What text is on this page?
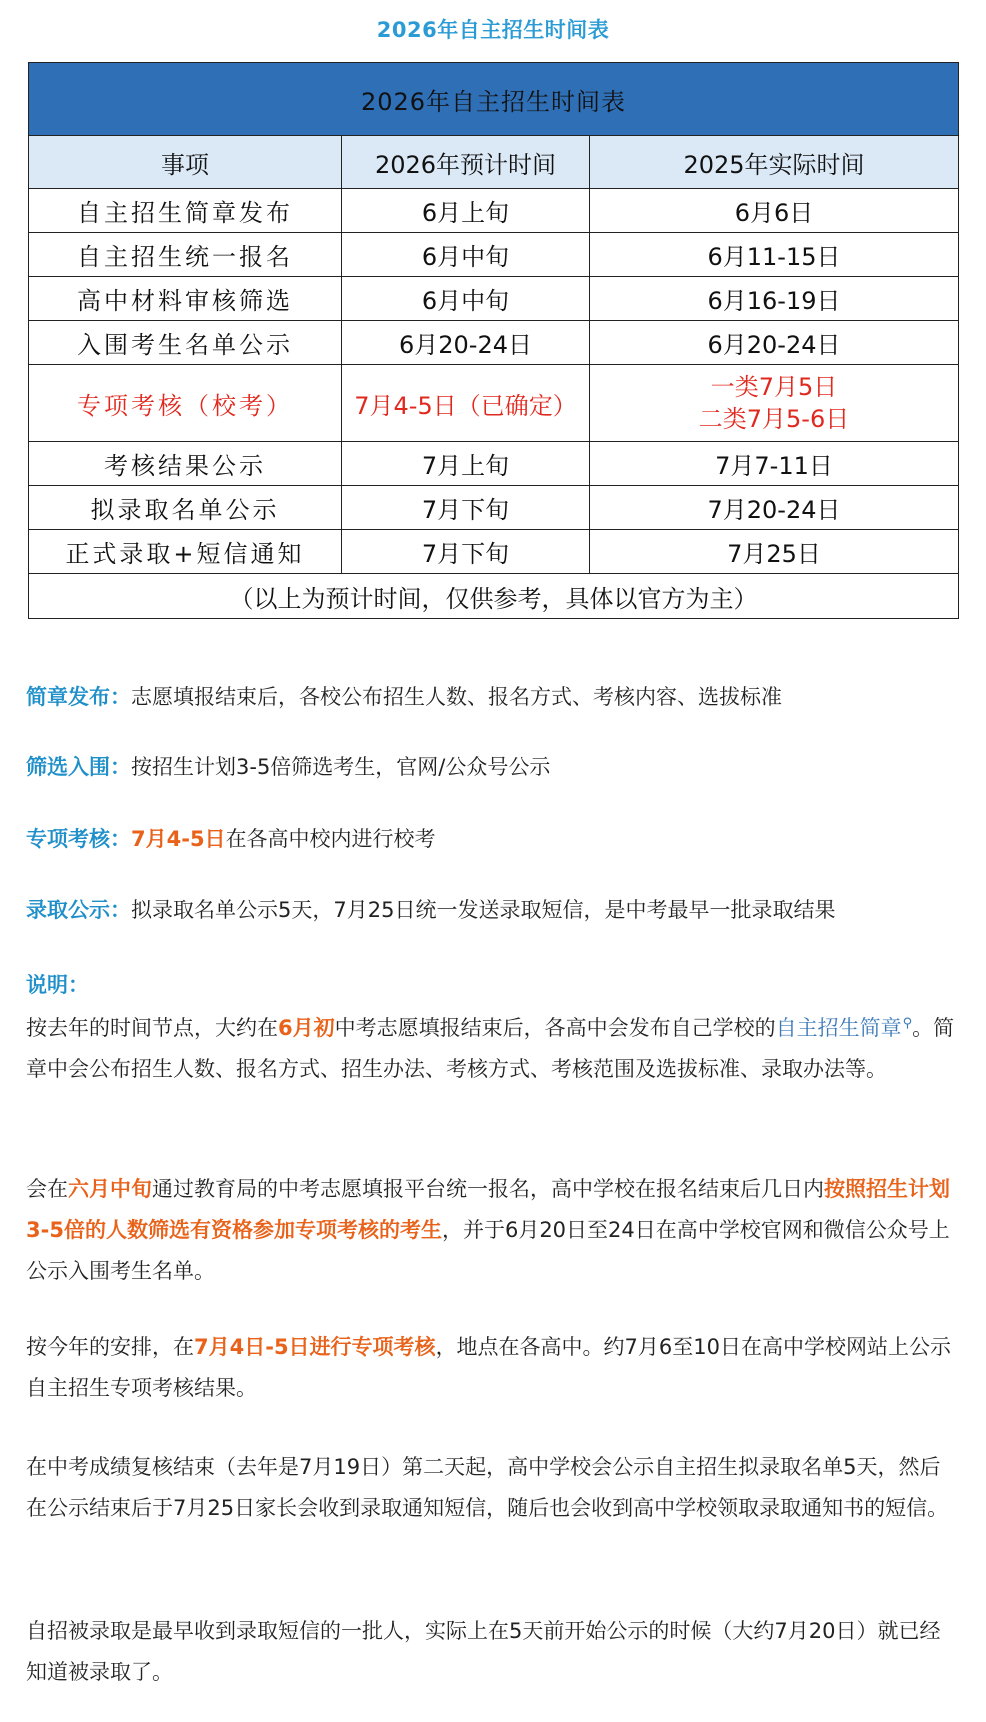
2026年自主招生时间表
2026年自主招生时间表		
事项	2026年预计时间	2025年实际时间
自主招生简章发布	6月上旬	6月6日
自主招生统一报名	6月中旬	6月11-15日
高中材料审核筛选	6月中旬	6月16-19日
入围考生名单公示	6月20-24日	6月20-24日
专项考核（校考）	7月4-5日（已确定）	一类7月5日
二类7月5-6日

考核结果公示	7月上旬	7月7-11日
拟录取名单公示	7月下旬	7月20-24日
正式录取+短信通知	7月下旬	7月25日
（以上为预计时间，仅供参考，具体以官方为主）		

简章发布：志愿填报结束后，各校公布招生人数、报名方式、考核内容、选拔标准

筛选入围：按招生计划3-5倍筛选考生，官网/公众号公示

专项考核：7月4-5日在各高中校内进行校考

录取公示：拟录取名单公示5天，7月25日统一发送录取短信，是中考最早一批录取结果

说明：

按去年的时间节点，大约在6月初中考志愿填报结束后，各高中会发布自己学校的自主招生简章⚲。简章中会公布招生人数、报名方式、招生办法、考核方式、考核范围及选拔标准、录取办法等。

会在六月中旬通过教育局的中考志愿填报平台统一报名，高中学校在报名结束后几日内按照招生计划3-5倍的人数筛选有资格参加专项考核的考生，并于6月20日至24日在高中学校官网和微信公众号上公示入围考生名单。

按今年的安排，在7月4日-5日进行专项考核，地点在各高中。约7月6至10日在高中学校网站上公示自主招生专项考核结果。

在中考成绩复核结束（去年是7月19日）第二天起，高中学校会公示自主招生拟录取名单5天，然后在公示结束后于7月25日家长会收到录取通知短信，随后也会收到高中学校领取录取通知书的短信。

自招被录取是最早收到录取短信的一批人，实际上在5天前开始公示的时候（大约7月20日）就已经知道被录取了。
